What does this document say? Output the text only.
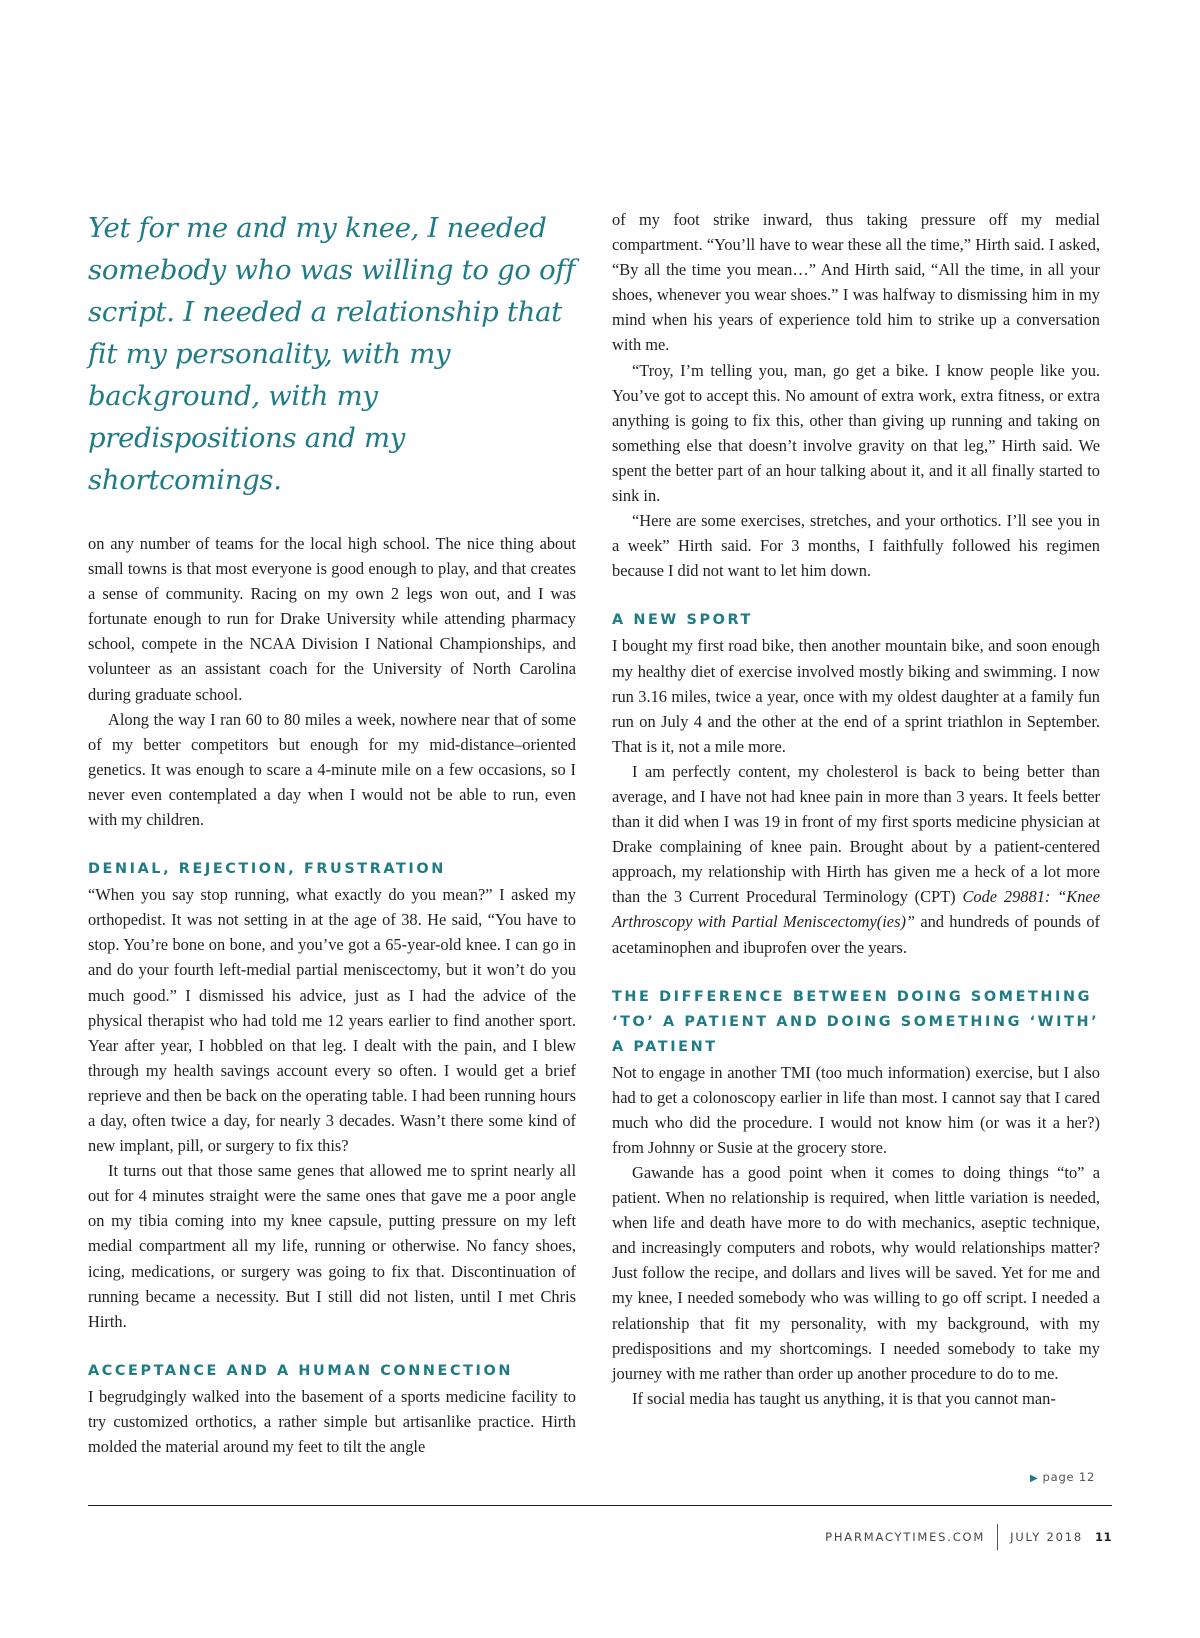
Yet for me and my knee, I needed somebody who was willing to go off script. I needed a relationship that fit my personality, with my background, with my predispositions and my shortcomings.

on any number of teams for the local high school. The nice thing about small towns is that most everyone is good enough to play, and that creates a sense of community. Racing on my own 2 legs won out, and I was fortunate enough to run for Drake University while attending pharmacy school, compete in the NCAA Division I National Championships, and volunteer as an assistant coach for the University of North Carolina during graduate school.

Along the way I ran 60 to 80 miles a week, nowhere near that of some of my better competitors but enough for my mid-distance–oriented genetics. It was enough to scare a 4-minute mile on a few occasions, so I never even contemplated a day when I would not be able to run, even with my children.

DENIAL, REJECTION, FRUSTRATION

“When you say stop running, what exactly do you mean?” I asked my orthopedist. It was not setting in at the age of 38. He said, “You have to stop. You’re bone on bone, and you’ve got a 65-year-old knee. I can go in and do your fourth left-medial partial meniscectomy, but it won’t do you much good.” I dismissed his advice, just as I had the advice of the physical therapist who had told me 12 years earlier to find another sport. Year after year, I hobbled on that leg. I dealt with the pain, and I blew through my health savings account every so often. I would get a brief reprieve and then be back on the operating table. I had been running hours a day, often twice a day, for nearly 3 decades. Wasn’t there some kind of new implant, pill, or surgery to fix this?

It turns out that those same genes that allowed me to sprint nearly all out for 4 minutes straight were the same ones that gave me a poor angle on my tibia coming into my knee capsule, putting pressure on my left medial compartment all my life, running or otherwise. No fancy shoes, icing, medications, or surgery was going to fix that. Discontinuation of running became a necessity. But I still did not listen, until I met Chris Hirth.

ACCEPTANCE AND A HUMAN CONNECTION

I begrudgingly walked into the basement of a sports medicine facility to try customized orthotics, a rather simple but artisanlike practice. Hirth molded the material around my feet to tilt the angle

of my foot strike inward, thus taking pressure off my medial compartment. “You’ll have to wear these all the time,” Hirth said. I asked, “By all the time you mean…” And Hirth said, “All the time, in all your shoes, whenever you wear shoes.” I was halfway to dismissing him in my mind when his years of experience told him to strike up a conversation with me.

“Troy, I’m telling you, man, go get a bike. I know people like you. You’ve got to accept this. No amount of extra work, extra fitness, or extra anything is going to fix this, other than giving up running and taking on something else that doesn’t involve gravity on that leg,” Hirth said. We spent the better part of an hour talking about it, and it all finally started to sink in.

“Here are some exercises, stretches, and your orthotics. I’ll see you in a week” Hirth said. For 3 months, I faithfully followed his regimen because I did not want to let him down.

A NEW SPORT

I bought my first road bike, then another mountain bike, and soon enough my healthy diet of exercise involved mostly biking and swimming. I now run 3.16 miles, twice a year, once with my oldest daughter at a family fun run on July 4 and the other at the end of a sprint triathlon in September. That is it, not a mile more.

I am perfectly content, my cholesterol is back to being better than average, and I have not had knee pain in more than 3 years. It feels better than it did when I was 19 in front of my first sports medicine physician at Drake complaining of knee pain. Brought about by a patient-centered approach, my relationship with Hirth has given me a heck of a lot more than the 3 Current Procedural Terminology (CPT) Code 29881: “Knee Arthroscopy with Partial Meniscectomy(ies)” and hundreds of pounds of acetaminophen and ibuprofen over the years.

THE DIFFERENCE BETWEEN DOING SOMETHING ‘TO’ A PATIENT AND DOING SOMETHING ‘WITH’ A PATIENT

Not to engage in another TMI (too much information) exercise, but I also had to get a colonoscopy earlier in life than most. I cannot say that I cared much who did the procedure. I would not know him (or was it a her?) from Johnny or Susie at the grocery store.

Gawande has a good point when it comes to doing things “to” a patient. When no relationship is required, when little variation is needed, when life and death have more to do with mechanics, aseptic technique, and increasingly computers and robots, why would relationships matter? Just follow the recipe, and dollars and lives will be saved. Yet for me and my knee, I needed somebody who was willing to go off script. I needed a relationship that fit my personality, with my background, with my predispositions and my shortcomings. I needed somebody to take my journey with me rather than order up another procedure to do to me.

If social media has taught us anything, it is that you cannot man-

▶ page 12
PHARMACYTIMES.COM JULY 2018 11
